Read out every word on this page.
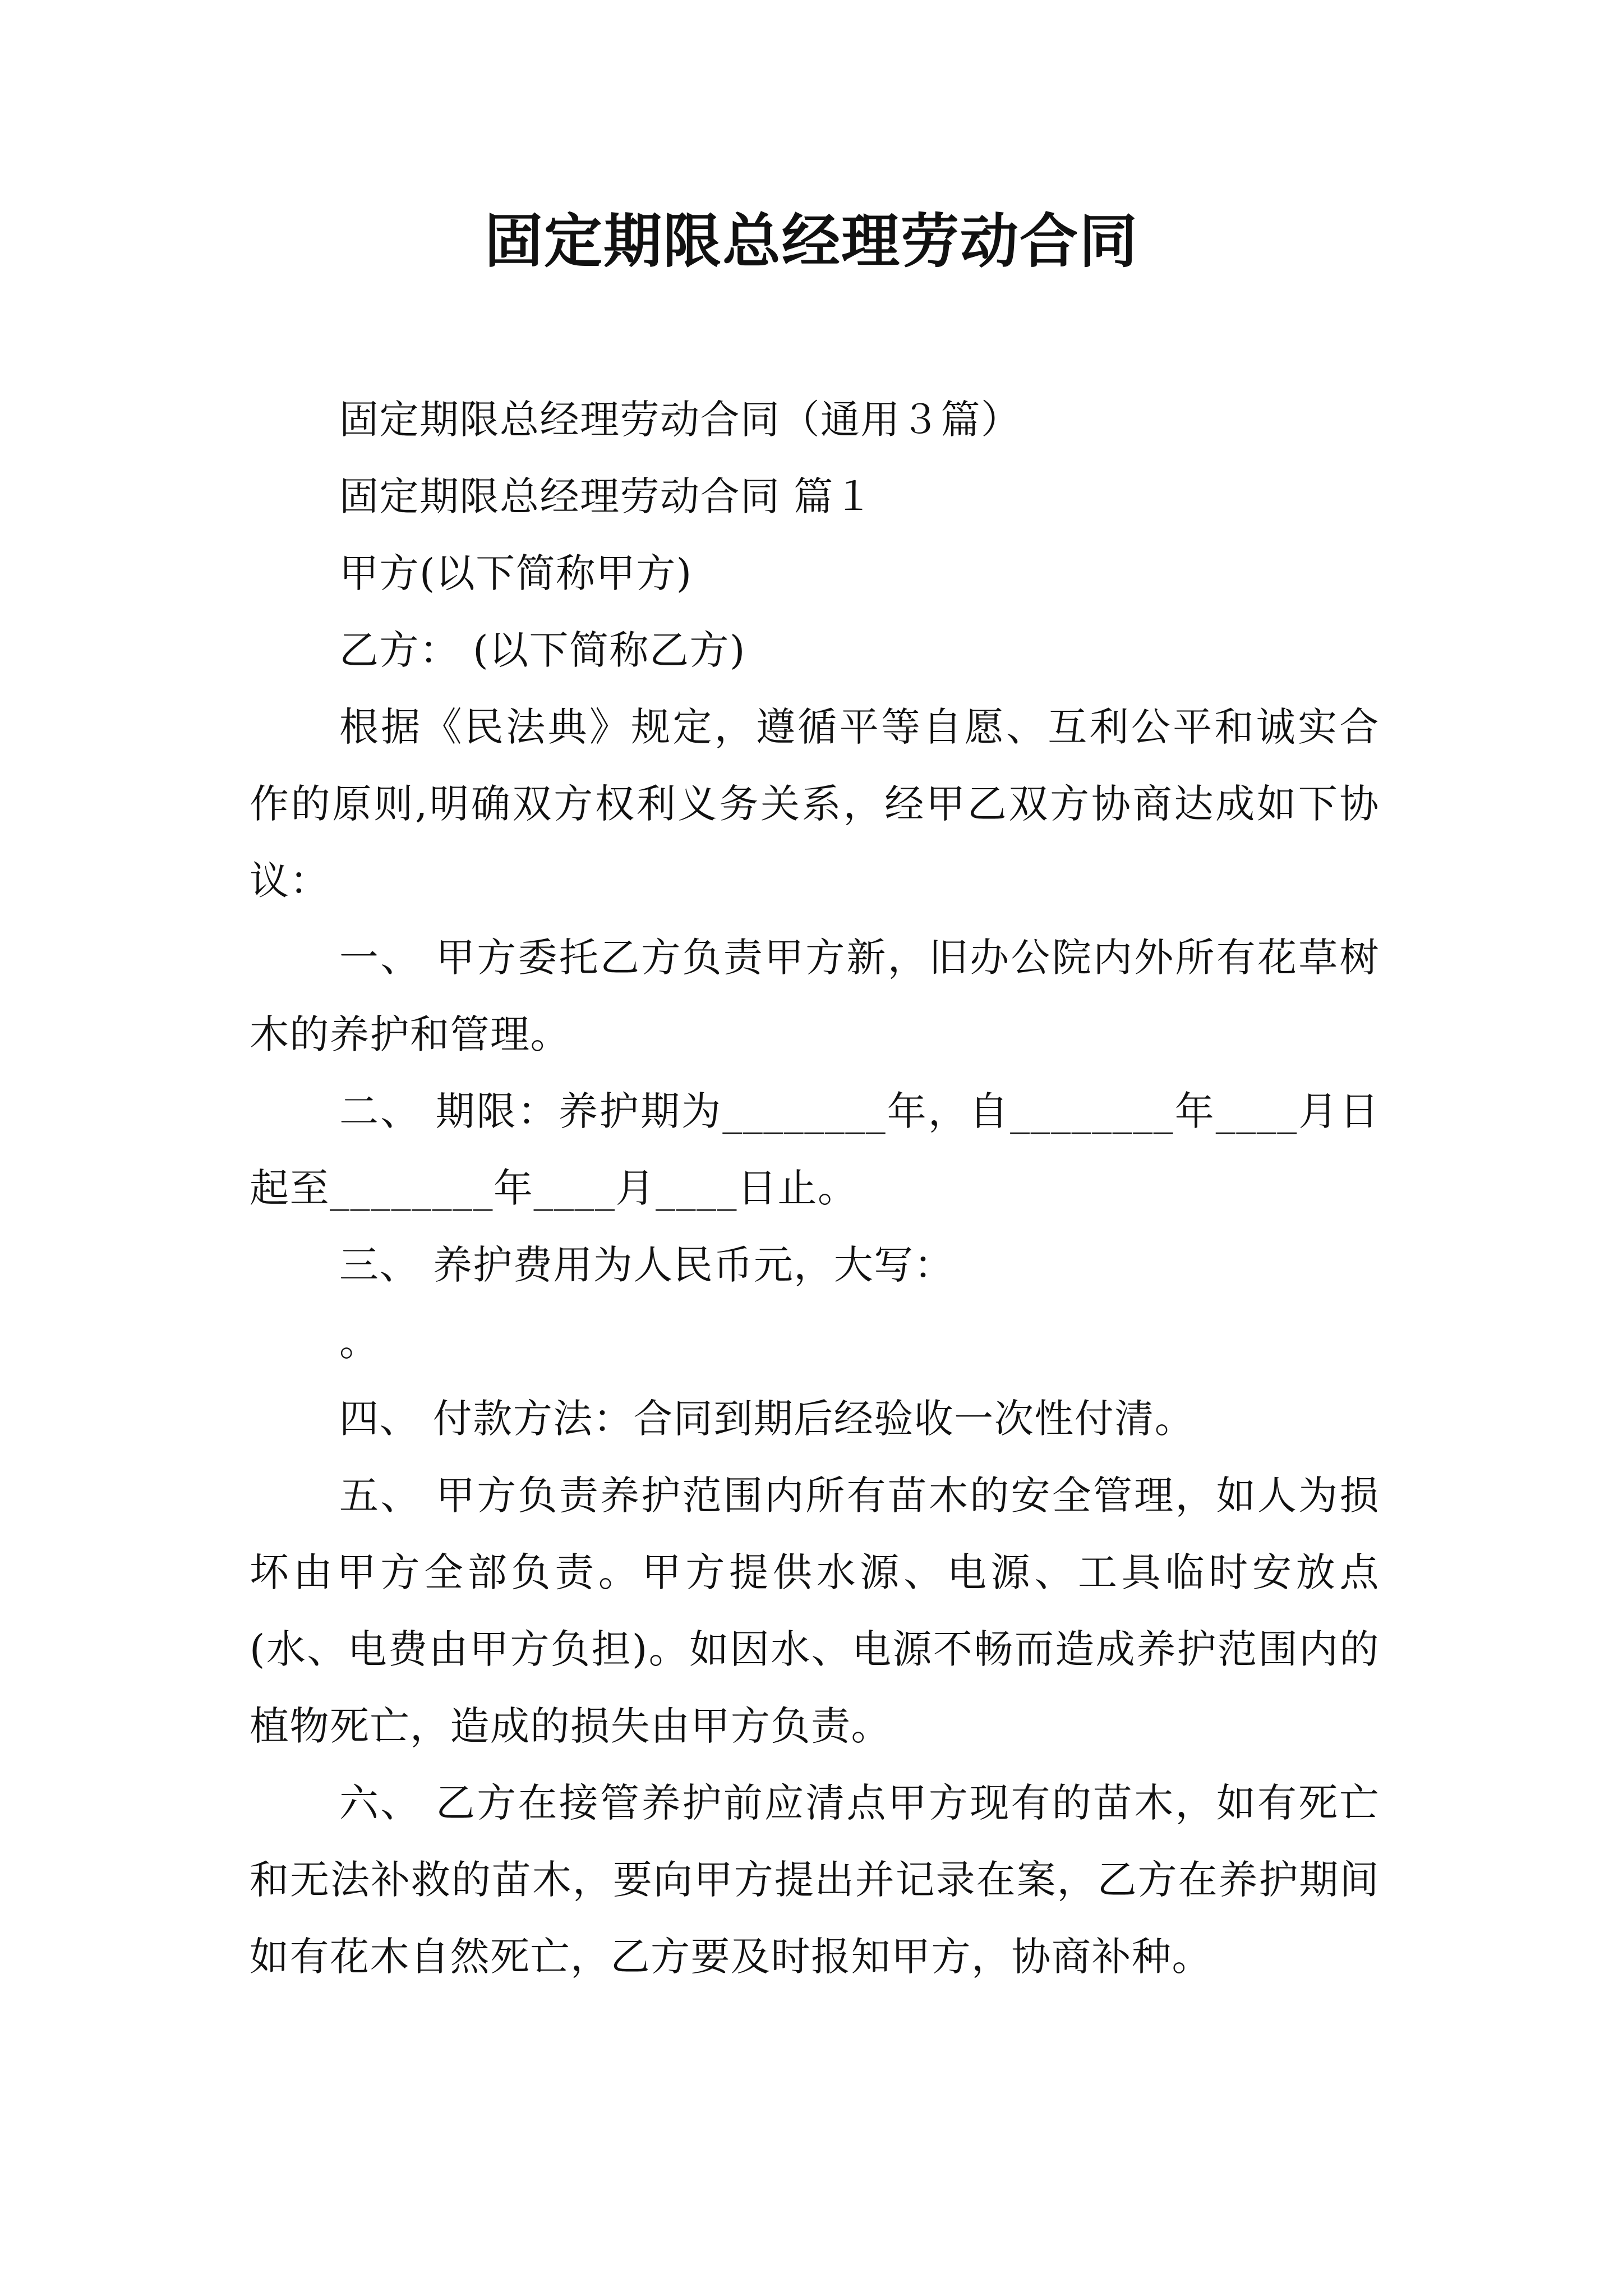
固定期限总经理劳动合同

固定期限总经理劳动合同（通用３篇）

固定期限总经理劳动合同 篇１

甲方(以下简称甲方)

乙方： (以下简称乙方)

根据《民法典》规定，遵循平等自愿、互利公平和诚实合作的原则,明确双方权利义务关系，经甲乙双方协商达成如下协议：

一、 甲方委托乙方负责甲方新，旧办公院内外所有花草树木的养护和管理。

二、 期限：养护期为________年，自________年____月日起至________年____月____日止。

三、 养护费用为人民币元，大写：

。

四、 付款方法：合同到期后经验收一次性付清。

五、 甲方负责养护范围内所有苗木的安全管理，如人为损坏由甲方全部负责。甲方提供水源、电源、工具临时安放点(水、电费由甲方负担)。如因水、电源不畅而造成养护范围内的植物死亡，造成的损失由甲方负责。

六、 乙方在接管养护前应清点甲方现有的苗木，如有死亡和无法补救的苗木，要向甲方提出并记录在案，乙方在养护期间如有花木自然死亡，乙方要及时报知甲方，协商补种。
